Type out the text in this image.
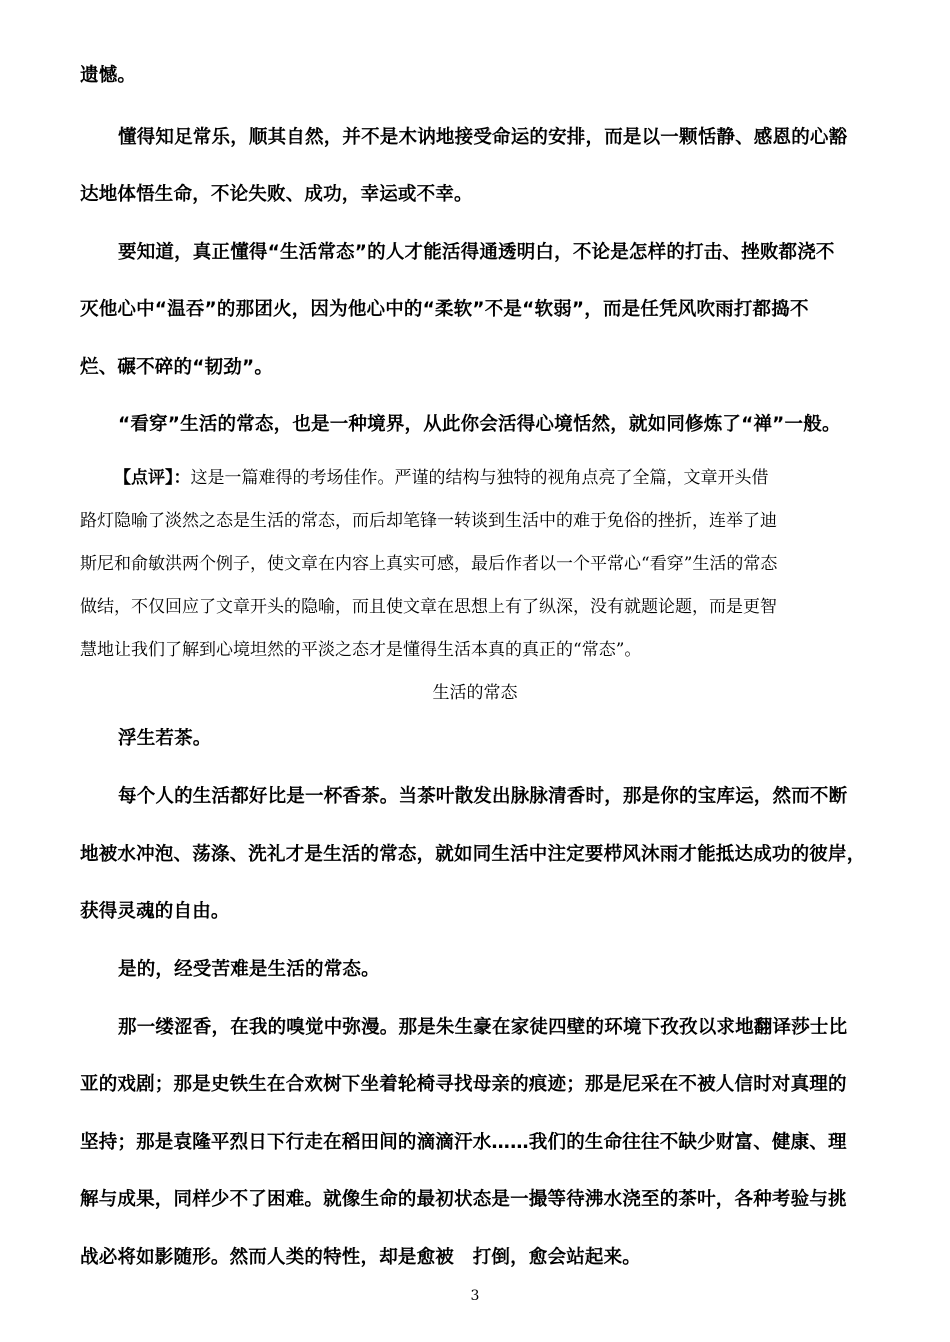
遗憾。
懂得知足常乐，顺其自然，并不是木讷地接受命运的安排，而是以一颗恬静、感恩的心豁
达地体悟生命，不论失败、成功，幸运或不幸。
要知道，真正懂得“生活常态”的人才能活得通透明白，不论是怎样的打击、挫败都浇不
灭他心中“温吞”的那团火，因为他心中的“柔软”不是“软弱”，而是任凭风吹雨打都捣不
烂、碾不碎的“韧劲”。
“看穿”生活的常态，也是一种境界，从此你会活得心境恬然，就如同修炼了“禅”一般。
【点评】：这是一篇难得的考场佳作。严谨的结构与独特的视角点亮了全篇，文章开头借
路灯隐喻了淡然之态是生活的常态，而后却笔锋一转谈到生活中的难于免俗的挫折，连举了迪
斯尼和俞敏洪两个例子，使文章在内容上真实可感，最后作者以一个平常心“看穿”生活的常态
做结，不仅回应了文章开头的隐喻，而且使文章在思想上有了纵深，没有就题论题，而是更智
慧地让我们了解到心境坦然的平淡之态才是懂得生活本真的真正的“常态”。
生活的常态
浮生若茶。
每个人的生活都好比是一杯香茶。当茶叶散发出脉脉清香时，那是你的宝库运，然而不断
地被水冲泡、荡涤、洗礼才是生活的常态，就如同生活中注定要栉风沐雨才能抵达成功的彼岸，
获得灵魂的自由。
是的，经受苦难是生活的常态。
那一缕涩香，在我的嗅觉中弥漫。那是朱生豪在家徒四壁的环境下孜孜以求地翻译莎士比
亚的戏剧；那是史铁生在合欢树下坐着轮椅寻找母亲的痕迹；那是尼采在不被人信时对真理的
坚持；那是袁隆平烈日下行走在稻田间的滴滴汗水……我们的生命往往不缺少财富、健康、理
解与成果，同样少不了困难。就像生命的最初状态是一撮等待沸水浇至的茶叶，各种考验与挑
战必将如影随形。然而人类的特性，却是愈被　打倒，愈会站起来。
3
